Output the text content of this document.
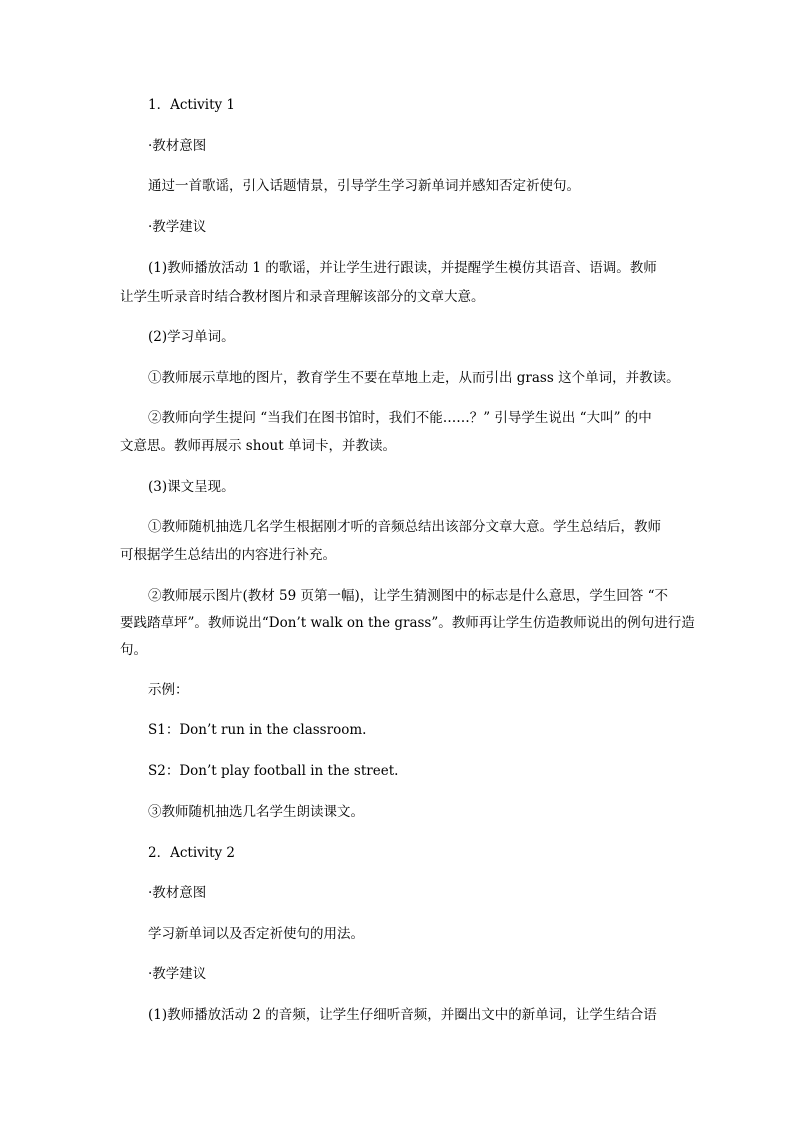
1．Activity 1
·教材意图
通过一首歌谣，引入话题情景，引导学生学习新单词并感知否定祈使句。
·教学建议
(1)教师播放活动 1 的歌谣，并让学生进行跟读，并提醒学生模仿其语音、语调。教师
让学生听录音时结合教材图片和录音理解该部分的文章大意。
(2)学习单词。
①教师展示草地的图片，教育学生不要在草地上走，从而引出 grass 这个单词，并教读。
②教师向学生提问 “当我们在图书馆时，我们不能……？” 引导学生说出 “大叫” 的中
文意思。教师再展示 shout 单词卡，并教读。
(3)课文呈现。
①教师随机抽选几名学生根据刚才听的音频总结出该部分文章大意。学生总结后，教师
可根据学生总结出的内容进行补充。
②教师展示图片(教材 59 页第一幅)，让学生猜测图中的标志是什么意思，学生回答 “不
要践踏草坪”。教师说出“Don’t walk on the grass”。教师再让学生仿造教师说出的例句进行造
句。
示例：
S1：Don’t run in the classroom.
S2：Don’t play football in the street.
③教师随机抽选几名学生朗读课文。
2．Activity 2
·教材意图
学习新单词以及否定祈使句的用法。
·教学建议
(1)教师播放活动 2 的音频，让学生仔细听音频，并圈出文中的新单词，让学生结合语
